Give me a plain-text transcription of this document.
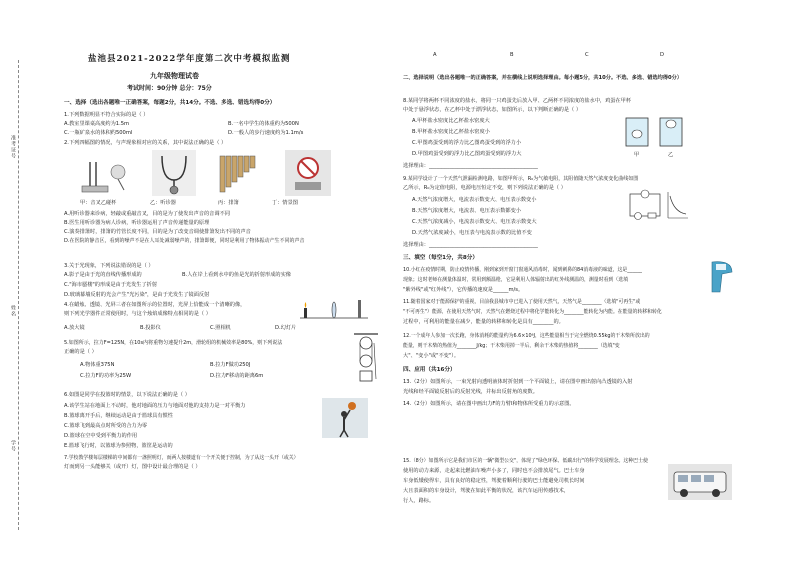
准考证号
姓名
学号
盐池县2021-2022学年度第二次中考模拟监测
九年级物理试卷
考试时间：90分钟 总分：75分
A	B	C	D
一、选择（选出各题唯一正确答案，每题2分，共14分。不选、多选、错选均得0分）
1.下列数据明显不符合实际的是（ ）
A.教室里课桌高度约为1.5m	B.一名中学生的体重约为500N
C.一瓶矿泉水的体积约500ml	D.一般人的步行速度约为1.1m/s
2.下列四幅图的情况，与声现象相对应的关系，其中说法正确的是（ ）
甲：音叉乙碰杯	乙：听诊器	丙：排箫	丁：情景图
A.用听诊器来诊病，轻敲或重敲音叉，目的是为了使发出声音的音调不同
B.医生用听诊器为病人诊病，听诊器运用了声音传递能量的原理
C.演奏排箫时，排箫的竹管长度不同，目的是为了改变音调使排箫发出不同的声音
D.在医院的静音区，看到的噪声不是在人耳处减弱噪声的，排箫即便，同时是利用了物体振动产生不同的声音
3.关于光现象，下列说法错误的是（ ）
A.影子是由于光的直线传播形成的	B.人在岸上看到水中的鱼是光的折射形成的实像
C."海市蜃楼"的形成是由于光发生了折射
D.玻璃幕墙反射的光会产生"光污染"，是由于光发生了镜面反射
4.在蜡烛、透镜、光屏三者在如图所示的位置时，光屏上恰能成一个清晰的像，
则下列光学器件正常使用时，与这个烛焰成像特点相同的是（ ）
A.放大镜	B.投影仪	C.照相机	D.幻灯片
5.如图所示，拉力F=125N，在10s内将重物匀速提升2m，滑轮组的机械效率是80%，则下列说法
正确的是（ ）
A.物体重375N	B.拉力F做功250J
C.拉力F的功率为25W	D.拉力F移动的距离6m
6.如图是同学在投篮时的情景，以下说法正确的是（ ）
A.该学生站在地面上不动时，他对地面的压力与地面对他的支持力是一对平衡力
B.篮球离开手后，继续运动是由于篮球具有惯性
C.篮球飞到最高点时所受的合力为零
D.篮球在空中受到平衡力的作用
E.篮球飞行时，以篮球为参照物，篮筐是运动的
7.学校教学楼每层楼梯的中间都有一盏照明灯，而两人按楼道有一个开关便于控制，为了从这一头开（或关）
灯而到另一头能够关（或开）灯，图中设计最合理的是（ ）
二、选择说明（选出各题唯一的正确答案，并在横线上说明选择理由。每小题5分，共10分。不选、多选、错选均得0分）
8.某同学将两杯不同浓度的盐水，将同一只鸡蛋先后放入甲、乙两杯不同浓度的盐水中，鸡蛋在甲杯
中处于悬浮状态，在乙杯中处于漂浮状态，如图所示，以下判断正确的是（ ）
A.甲杯盐水密度比乙杯盐水密度大
B.甲杯盐水密度比乙杯盐水密度小
C.甲图鸡蛋受到的浮力比乙图鸡蛋受到的浮力小
D.甲图鸡蛋受到的浮力比乙图鸡蛋受到的浮力大
选择理由：__________________________________________
甲	乙
9.某同学设计了一个天然气泄漏检测电路，如图甲所示，R₀为气敏电阻，其阻值随天然气浓度变化曲线如图
乙所示，R₀为定值电阻，电源电压恒定不变，则下列说法正确的是（ ）
A.天然气浓度增大，电流表示数变大、电压表示数变小
B.天然气浓度增大，电流表、电压表示数都变小
C.天然气浓度减小，电流表示数变大、电压表示数变大
D.天然气浓度减小，电压表与电流表示数的比值不变
选择理由：__________________________________________
三、填空（每空1分，共8分）
10.小红在疫情时期，防止疫情传播，刚到家到开窗门窗通风消毒时，闻到刺鼻的84消毒液的味道，这是______
现象；这时老师在测量体温时，常用到额温枪，它是利用人体辐射出的红外线测温的，测量时看到（选填
"紫外线"或"红外线"），它传播的速度是______m/s。
11.随着国家对于能源保护的重视，目前我县城市中已进入了使用天然气，天然气是________（选填"可再生"或
"不可再生"）能源，在使用天然气时，天然气在燃烧过程中将化学能转化为________能转化为内能。在能量的转移和转化
过程中，可利用的能量在减少，能量的转移和转化是具有________的。
12.一个成年人参加一次长跑，身体消耗的能量约为6.6×10⁶J，这些能量相当于完全燃烧0.55kg的干木柴所放出的
能量，则干木柴的热值为________J/kg；干木柴用掉一半后，剩余干木柴的热值将________（选填"变
大"、"变小"或"不变"）。
四、应用（共16分）
13.（2分）如图所示，一束光射向透明液体时折射到一个平面镜上，请在图中画出射向凸透镜的入射
光线和经平面镜反射后的反射光线，并标出反射角的度数。
14.（2分）如图所示，请在图中画出力F的力臂l和物体所受重力的示意图。
15.（8分）如图所示它是我们市区的一辆"微型公交"，体现了"绿色环保、低碳出行"的科学发展理念。这种巴士使
使用的动力来源，走起来比燃油车噪声小多了，同时也不会排放尾气。巴士车身
车身低矮使得车，具有良好的稳定性，驾驶着顺利行驶的巴士能避免司机长时间
大且表面积的车身设计，驾驶在如此平衡的状况，该汽车运用传感技术，
行人，路标。
